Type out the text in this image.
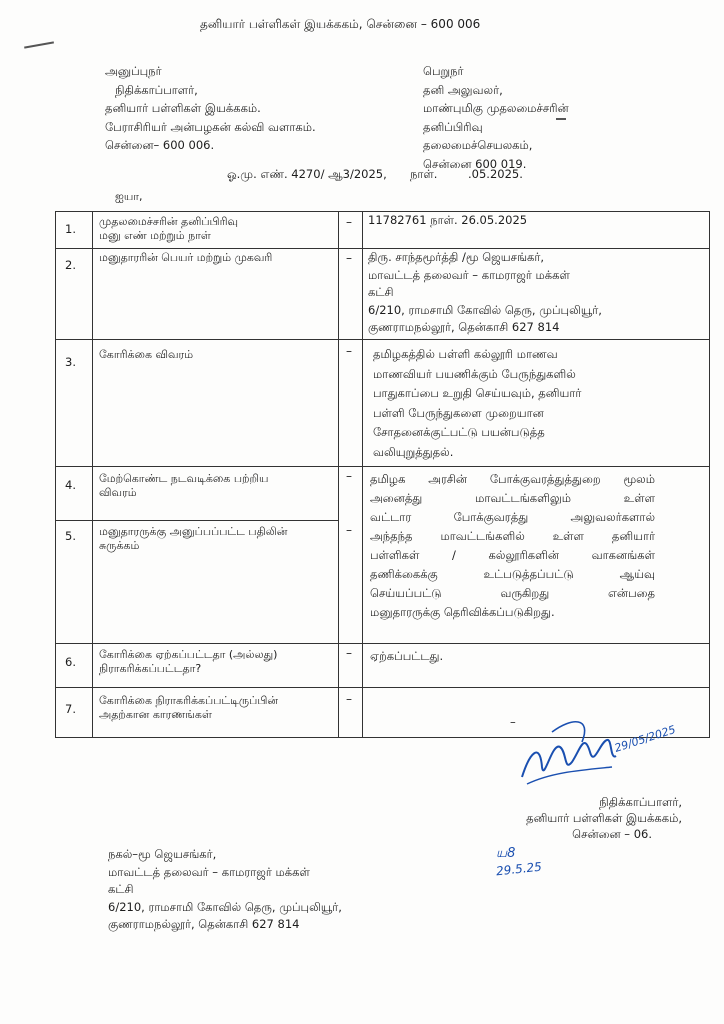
தனியார் பள்ளிகள் இயக்ககம், சென்னை – 600 006
அனுப்புநர்
நிதிக்காப்பாளர்,
தனியார் பள்ளிகள் இயக்ககம்.
பேராசிரியர் அன்பழகன் கல்வி வளாகம்.
சென்னை– 600 006.
பெறுநர்
தனி அலுவலர்,
மாண்புமிகு முதலமைச்சரின்
தனிப்பிரிவு
தலைமைச்செயலகம்,
சென்னை 600 019.
ஓ.மு. எண். 4270/ ஆ3/2025, நாள்.	.05.2025.
ஐயா,
1.
முதலமைச்சரின் தனிப்பிரிவு
மனு எண் மற்றும் நாள்
– 11782761 நாள். 26.05.2025
2.
மனுதாரரின் பெயர் மற்றும் முகவரி	– திரு. சாந்தமூர்த்தி /மூ ஜெயசங்கர்,
மாவட்டத் தலைவர் – காமராஜர் மக்கள்
கட்சி
6/210, ராமசாமி கோவில் தெரு, முப்புலியூர்,
குணராமநல்லூர், தென்காசி 627 814
3.
கோரிக்கை விவரம்	– தமிழகத்தில் பள்ளி கல்லூரி மாணவ
மாணவியர் பயணிக்கும் பேருந்துகளில்
பாதுகாப்பை உறுதி செய்யவும், தனியார்
பள்ளி பேருந்துகளை முறையான
சோதனைக்குட்பட்டு பயன்படுத்த
வலியுறுத்துதல்.
4. மேற்கொண்ட நடவடிக்கை பற்றிய
விவரம்
–
5. மனுதாரருக்கு அனுப்பப்பட்ட பதிலின்
சுருக்கம்
–
தமிழக அரசின் போக்குவரத்துத்துறை மூலம்
அனைத்து	மாவட்டங்களிலும்	உள்ள
வட்டார	போக்குவரத்து	அலுவலர்களால்
அந்தந்த மாவட்டங்களில் உள்ள தனியார்
பள்ளிகள்	/	கல்லூரிகளின்	வாகனங்கள்
தணிக்கைக்கு	உட்படுத்தப்பட்டு	ஆய்வு
செய்யப்பட்டு	வருகிறது	என்பதை
மனுதாரருக்கு தெரிவிக்கப்படுகிறது.
6.
கோரிக்கை ஏற்கப்பட்டதா (அல்லது)
நிராகரிக்கப்பட்டதா?
– ஏற்கப்பட்டது.
7.
கோரிக்கை நிராகரிக்கப்பட்டிருப்பின்
அதற்கான காரணங்கள்
–
–
29/05/2025
நிதிக்காப்பாளர்,
தனியார் பள்ளிகள் இயக்ககம்,
சென்னை – 06.
ய8
29.5.25
நகல்–மூ ஜெயசங்கர்,
மாவட்டத் தலைவர் – காமராஜர் மக்கள்
கட்சி
6/210, ராமசாமி கோவில் தெரு, முப்புலியூர்,
குணராமநல்லூர், தென்காசி 627 814
